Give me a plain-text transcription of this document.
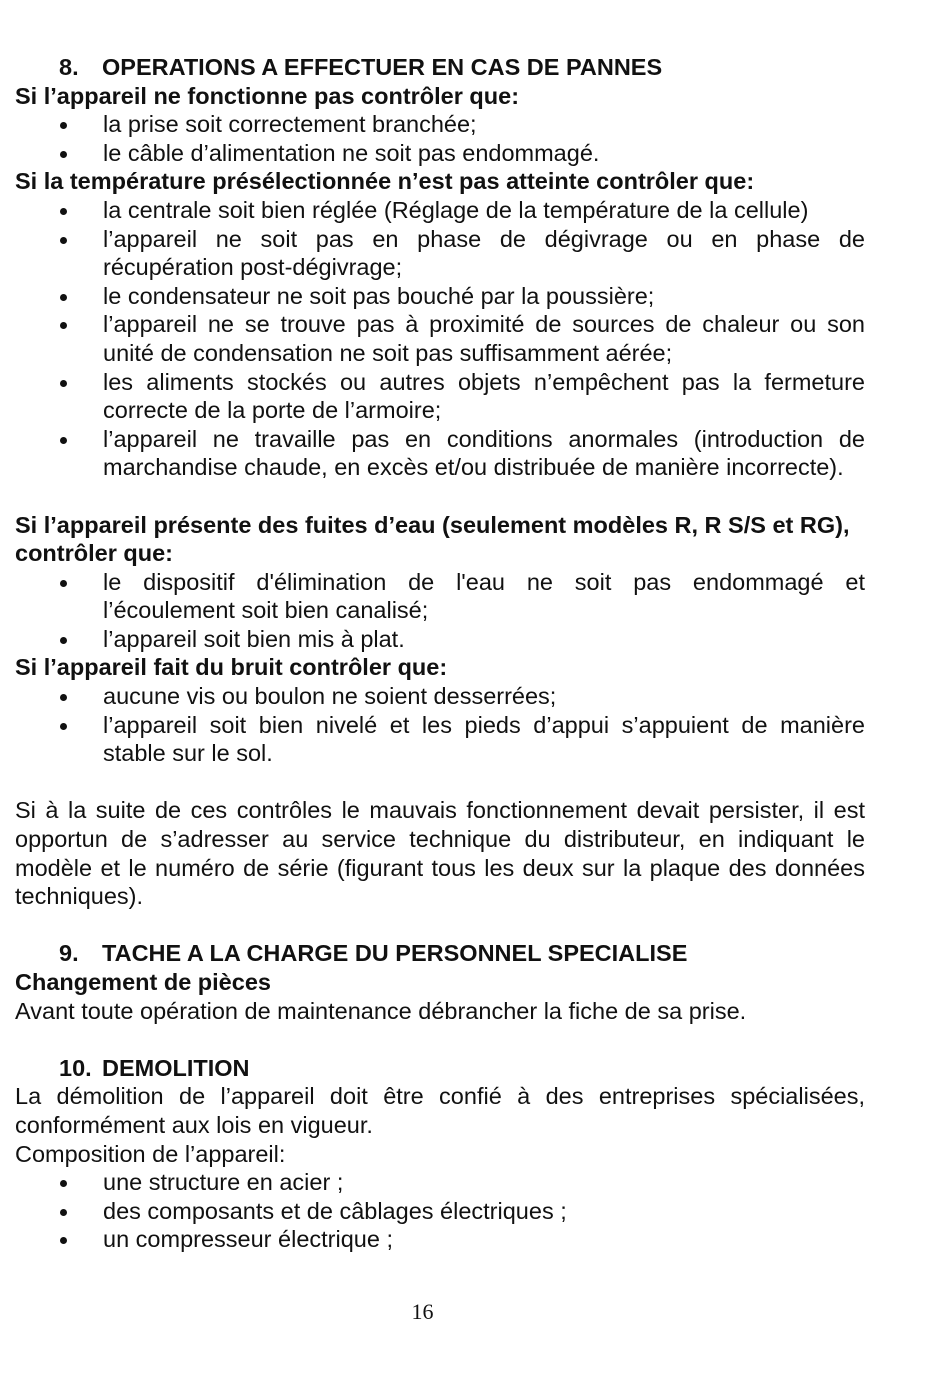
8. OPERATIONS A EFFECTUER EN CAS DE PANNES
Si l’appareil ne fonctionne pas contrôler que:
la prise soit correctement branchée;
le câble d’alimentation ne soit pas endommagé.
Si la température présélectionnée n’est pas atteinte contrôler que:
la centrale soit bien réglée (Réglage de la température de la cellule)
l’appareil ne soit pas en phase de dégivrage ou en phase de récupération post-dégivrage;
le condensateur ne soit pas bouché par la poussière;
l’appareil ne se trouve pas à proximité de sources de chaleur ou son unité de condensation ne soit pas suffisamment aérée;
les aliments stockés ou autres objets n’empêchent pas la fermeture correcte de la porte de l’armoire;
l’appareil ne travaille pas en conditions anormales (introduction de marchandise chaude, en excès et/ou distribuée de manière incorrecte).
Si l’appareil présente des fuites d’eau (seulement modèles R, R S/S et RG), contrôler que:
le dispositif d'élimination de l'eau ne soit pas endommagé et l’écoulement soit bien canalisé;
l’appareil soit bien mis à plat.
Si l’appareil fait du bruit contrôler que:
aucune vis ou boulon ne soient desserrées;
l’appareil soit bien nivelé et les pieds d’appui s’appuient de manière stable sur le sol.

Si à la suite de ces contrôles le mauvais fonctionnement devait persister, il est opportun de s’adresser au service technique du distributeur, en indiquant le modèle et le numéro de série (figurant tous les deux sur la plaque des données techniques).

9. TACHE A LA CHARGE DU PERSONNEL SPECIALISE
Changement de pièces

Avant toute opération de maintenance débrancher la fiche de sa prise.

10. DEMOLITION

La démolition de l’appareil doit être confié à des entreprises spécialisées, conformément aux lois en vigueur.

Composition de l’appareil:

une structure en acier ;
des composants et de câblages électriques ;
un compresseur électrique ;
16
